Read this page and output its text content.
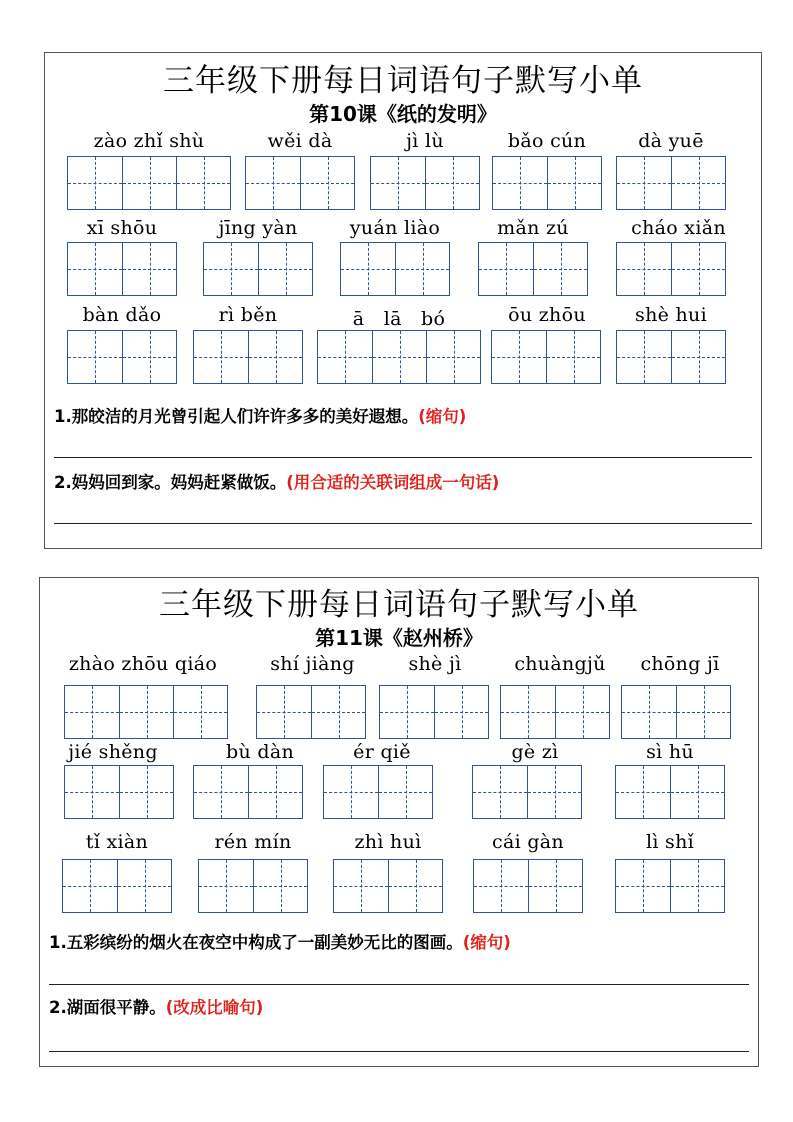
三年级下册每日词语句子默写小单
第10课《纸的发明》
zào zhǐ shù	wěi dà	jì lù	bǎo cún	dà yuē
xī shōu	jīng yàn	yuán liào	mǎn zú	cháo xiǎn
bàn dǎo	rì běn	ā　lā　bó	ōu zhōu	shè hui
1.那皎洁的月光曾引起人们许许多多的美好遐想。(缩句)
2.妈妈回到家。妈妈赶紧做饭。(用合适的关联词组成一句话)
三年级下册每日词语句子默写小单
第11课《赵州桥》
zhào zhōu qiáo	shí jiàng	shè jì	chuàngjǔ	chōng jī
jié shěng	bù dàn	ér qiě	gè zì	sì hū
tǐ xiàn	rén mín	zhì huì	cái gàn	lì shǐ
1.五彩缤纷的烟火在夜空中构成了一副美妙无比的图画。(缩句)
2.湖面很平静。(改成比喻句)
